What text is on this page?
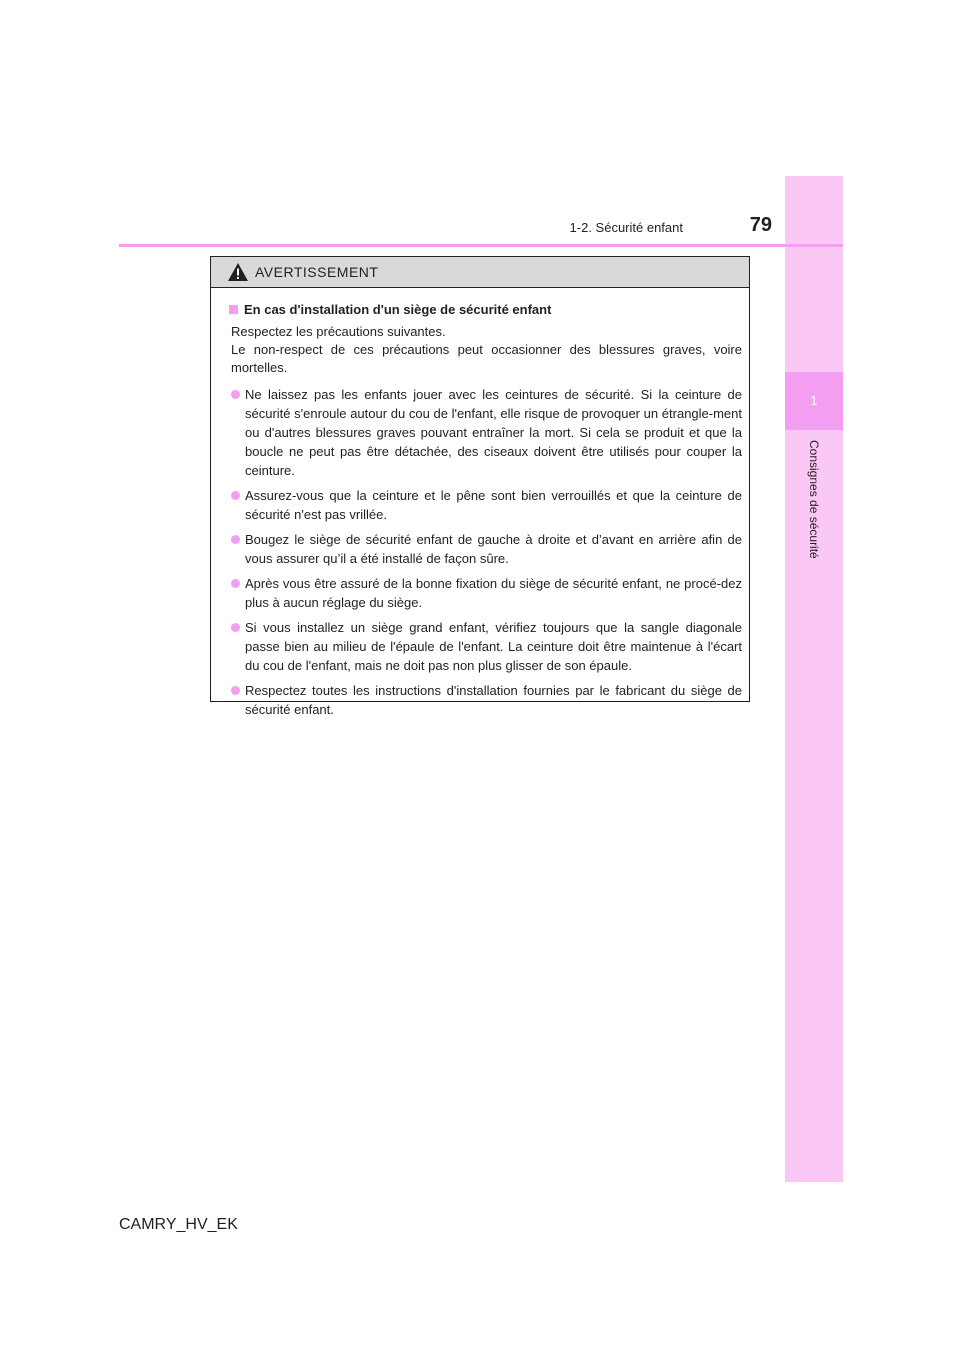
1
Consignes de sécurité
1-2. Sécurité enfant	79
AVERTISSEMENT
En cas d'installation d'un siège de sécurité enfant
Respectez les précautions suivantes.
Le non-respect de ces précautions peut occasionner des blessures graves, voire mortelles.
Ne laissez pas les enfants jouer avec les ceintures de sécurité. Si la ceinture de sécurité s'enroule autour du cou de l'enfant, elle risque de provoquer un étrangle-ment ou d'autres blessures graves pouvant entraîner la mort. Si cela se produit et que la boucle ne peut pas être détachée, des ciseaux doivent être utilisés pour couper la ceinture.
Assurez-vous que la ceinture et le pêne sont bien verrouillés et que la ceinture de sécurité n'est pas vrillée.
Bougez le siège de sécurité enfant de gauche à droite et d’avant en arrière afin de vous assurer qu’il a été installé de façon sûre.
Après vous être assuré de la bonne fixation du siège de sécurité enfant, ne procé-dez plus à aucun réglage du siège.
Si vous installez un siège grand enfant, vérifiez toujours que la sangle diagonale passe bien au milieu de l'épaule de l'enfant. La ceinture doit être maintenue à l'écart du cou de l'enfant, mais ne doit pas non plus glisser de son épaule.
Respectez toutes les instructions d'installation fournies par le fabricant du siège de sécurité enfant.
CAMRY_HV_EK
